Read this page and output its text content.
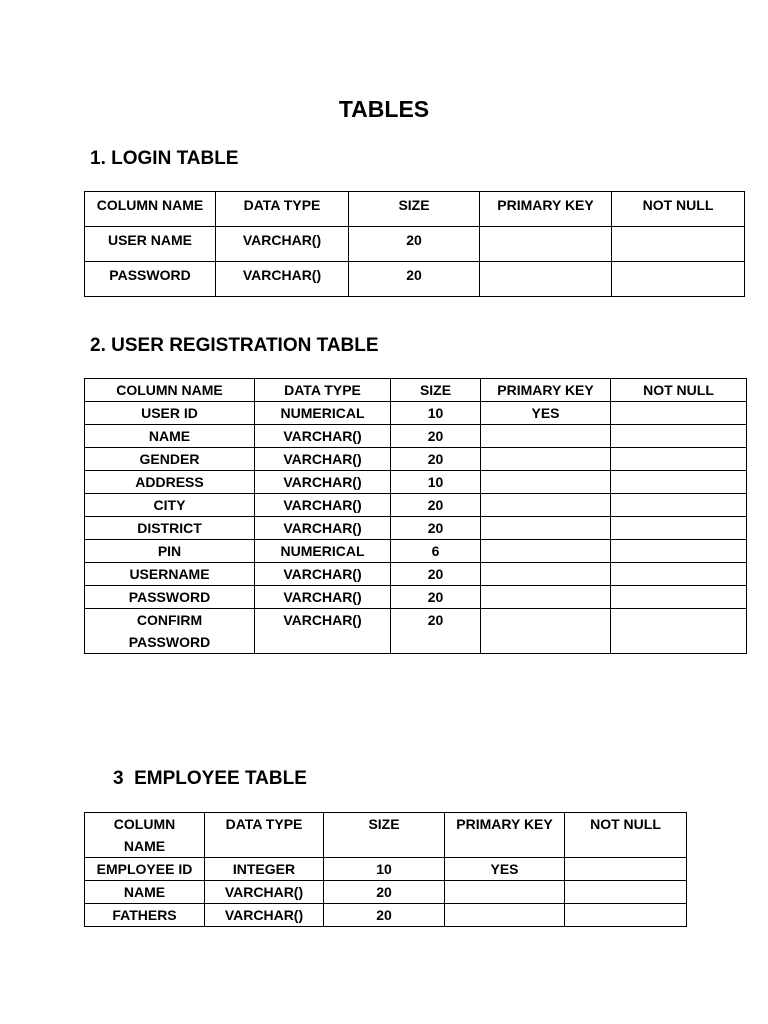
TABLES
1. LOGIN TABLE
COLUMN NAME	DATA TYPE	SIZE	PRIMARY KEY	NOT NULL
USER NAME	VARCHAR()	20		
PASSWORD	VARCHAR()	20		
2. USER REGISTRATION TABLE
COLUMN NAME	DATA TYPE	SIZE	PRIMARY KEY	NOT NULL
USER ID	NUMERICAL	10	YES	
NAME	VARCHAR()	20		
GENDER	VARCHAR()	20		
ADDRESS	VARCHAR()	10		
CITY	VARCHAR()	20		
DISTRICT	VARCHAR()	20		
PIN	NUMERICAL	6		
USERNAME	VARCHAR()	20		
PASSWORD	VARCHAR()	20		
CONFIRM PASSWORD	VARCHAR()	20		
3  EMPLOYEE TABLE
COLUMN NAME	DATA TYPE	SIZE	PRIMARY KEY	NOT NULL
EMPLOYEE ID	INTEGER	10	YES	
NAME	VARCHAR()	20		
FATHERS	VARCHAR()	20		
